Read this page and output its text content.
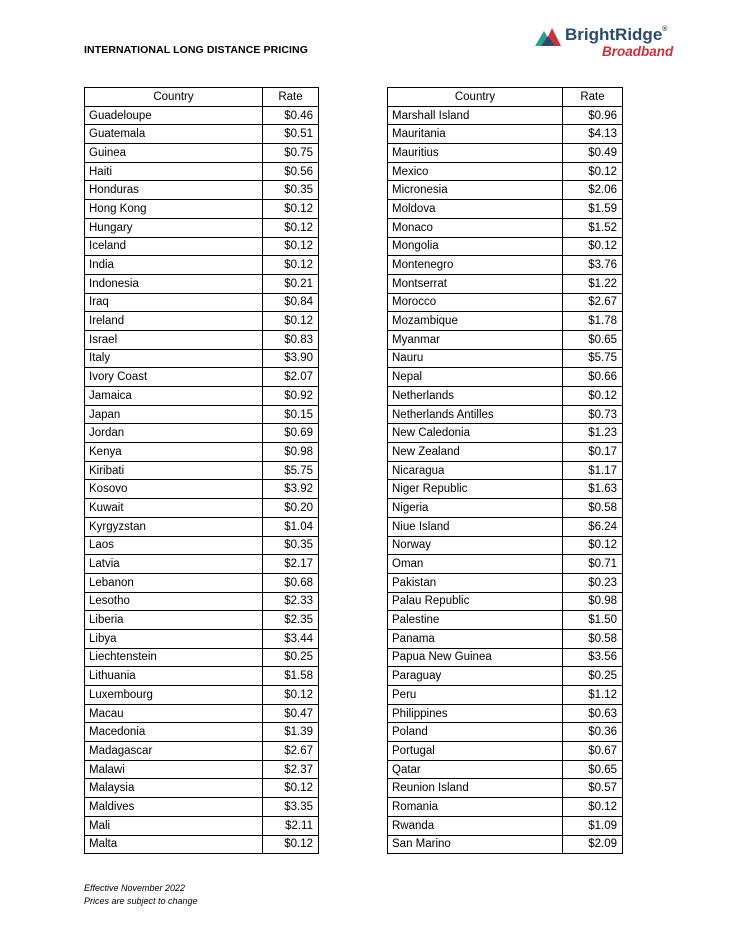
INTERNATIONAL LONG DISTANCE PRICING
BrightRidge®
Broadband
Country	Rate
Guadeloupe	$0.46
Guatemala	$0.51
Guinea	$0.75
Haiti	$0.56
Honduras	$0.35
Hong Kong	$0.12
Hungary	$0.12
Iceland	$0.12
India	$0.12
Indonesia	$0.21
Iraq	$0.84
Ireland	$0.12
Israel	$0.83
Italy	$3.90
Ivory Coast	$2.07
Jamaica	$0.92
Japan	$0.15
Jordan	$0.69
Kenya	$0.98
Kiribati	$5.75
Kosovo	$3.92
Kuwait	$0.20
Kyrgyzstan	$1.04
Laos	$0.35
Latvia	$2.17
Lebanon	$0.68
Lesotho	$2.33
Liberia	$2.35
Libya	$3.44
Liechtenstein	$0.25
Lithuania	$1.58
Luxembourg	$0.12
Macau	$0.47
Macedonia	$1.39
Madagascar	$2.67
Malawi	$2.37
Malaysia	$0.12
Maldives	$3.35
Mali	$2.11
Malta	$0.12
Country	Rate
Marshall Island	$0.96
Mauritania	$4.13
Mauritius	$0.49
Mexico	$0.12
Micronesia	$2.06
Moldova	$1.59
Monaco	$1.52
Mongolia	$0.12
Montenegro	$3.76
Montserrat	$1.22
Morocco	$2.67
Mozambique	$1.78
Myanmar	$0.65
Nauru	$5.75
Nepal	$0.66
Netherlands	$0.12
Netherlands Antilles	$0.73
New Caledonia	$1.23
New Zealand	$0.17
Nicaragua	$1.17
Niger Republic	$1.63
Nigeria	$0.58
Niue Island	$6.24
Norway	$0.12
Oman	$0.71
Pakistan	$0.23
Palau Republic	$0.98
Palestine	$1.50
Panama	$0.58
Papua New Guinea	$3.56
Paraguay	$0.25
Peru	$1.12
Philippines	$0.63
Poland	$0.36
Portugal	$0.67
Qatar	$0.65
Reunion Island	$0.57
Romania	$0.12
Rwanda	$1.09
San Marino	$2.09
Effective November 2022
Prices are subject to change
